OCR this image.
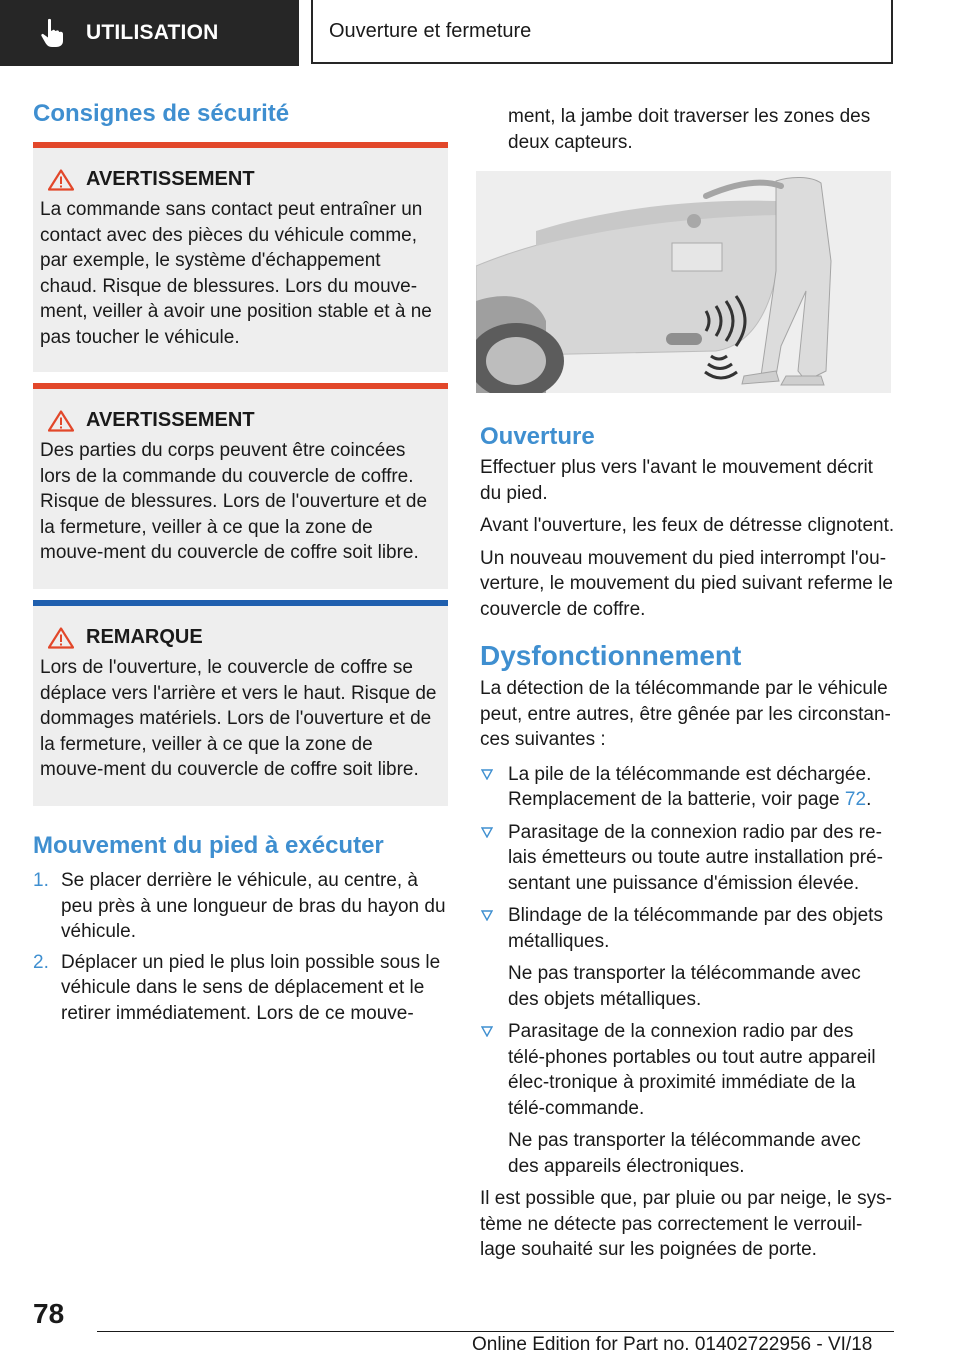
UTILISATION	Ouverture et fermeture
Consignes de sécurité
AVERTISSEMENT

La commande sans contact peut entraîner un contact avec des pièces du véhicule comme, par exemple, le système d'échappement chaud. Risque de blessures. Lors du mouve-ment, veiller à avoir une position stable et à ne pas toucher le véhicule.

AVERTISSEMENT

Des parties du corps peuvent être coincées lors de la commande du couvercle de coffre. Risque de blessures. Lors de l'ouverture et de la fermeture, veiller à ce que la zone de mouve-ment du couvercle de coffre soit libre.

REMARQUE

Lors de l'ouverture, le couvercle de coffre se déplace vers l'arrière et vers le haut. Risque de dommages matériels. Lors de l'ouverture et de la fermeture, veiller à ce que la zone de mouve-ment du couvercle de coffre soit libre.

Mouvement du pied à exécuter
1. Se placer derrière le véhicule, au centre, à peu près à une longueur de bras du hayon du véhicule.
2. Déplacer un pied le plus loin possible sous le véhicule dans le sens de déplacement et le retirer immédiatement. Lors de ce mouve-

ment, la jambe doit traverser les zones des deux capteurs.

Ouverture

Effectuer plus vers l'avant le mouvement décrit du pied.

Avant l'ouverture, les feux de détresse clignotent.

Un nouveau mouvement du pied interrompt l'ou-verture, le mouvement du pied suivant referme le couvercle de coffre.

Dysfonctionnement

La détection de la télécommande par le véhicule peut, entre autres, être gênée par les circonstan-ces suivantes :

La pile de la télécommande est déchargée. Remplacement de la batterie, voir page 72.
Parasitage de la connexion radio par des re-lais émetteurs ou toute autre installation pré-sentant une puissance d'émission élevée.
Blindage de la télécommande par des objets métalliques.
Ne pas transporter la télécommande avec des objets métalliques.
Parasitage de la connexion radio par des télé-phones portables ou tout autre appareil élec-tronique à proximité immédiate de la télé-commande.
Ne pas transporter la télécommande avec des appareils électroniques.

Il est possible que, par pluie ou par neige, le sys-tème ne détecte pas correctement le verrouil-lage souhaité sur les poignées de porte.

78
Online Edition for Part no. 01402722956 - VI/18
